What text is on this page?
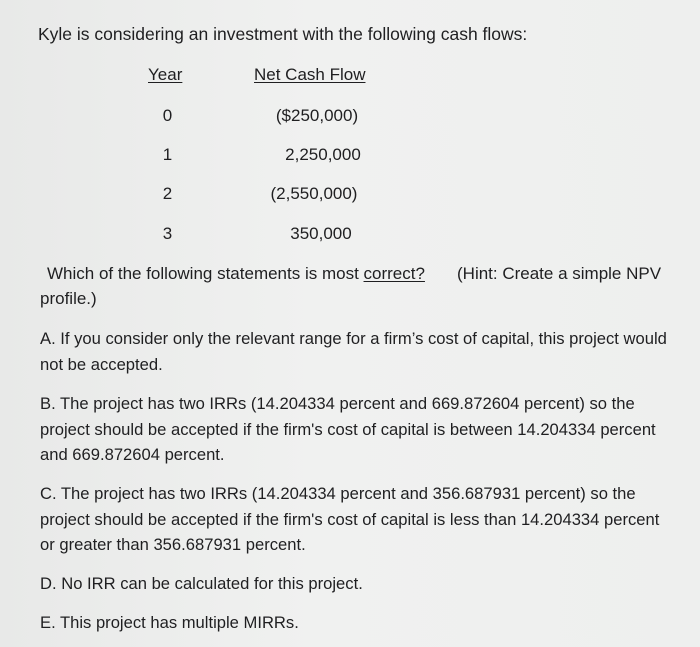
Kyle is considering an investment with the following cash flows:
Year	Net Cash Flow
0
1
2
3
($250,000)
2,250,000
(2,550,000)
350,000
Which of the following statements is most correct? (Hint: Create a simple NPV
profile.)
A. If you consider only the relevant range for a firm’s cost of capital, this project would not be accepted.
B. The project has two IRRs (14.204334 percent and 669.872604 percent) so the project should be accepted if the firm's cost of capital is between 14.204334 percent and 669.872604 percent.
C. The project has two IRRs (14.204334 percent and 356.687931 percent) so the project should be accepted if the firm's cost of capital is less than 14.204334 percent or greater than 356.687931 percent.
D. No IRR can be calculated for this project.
E. This project has multiple MIRRs.
